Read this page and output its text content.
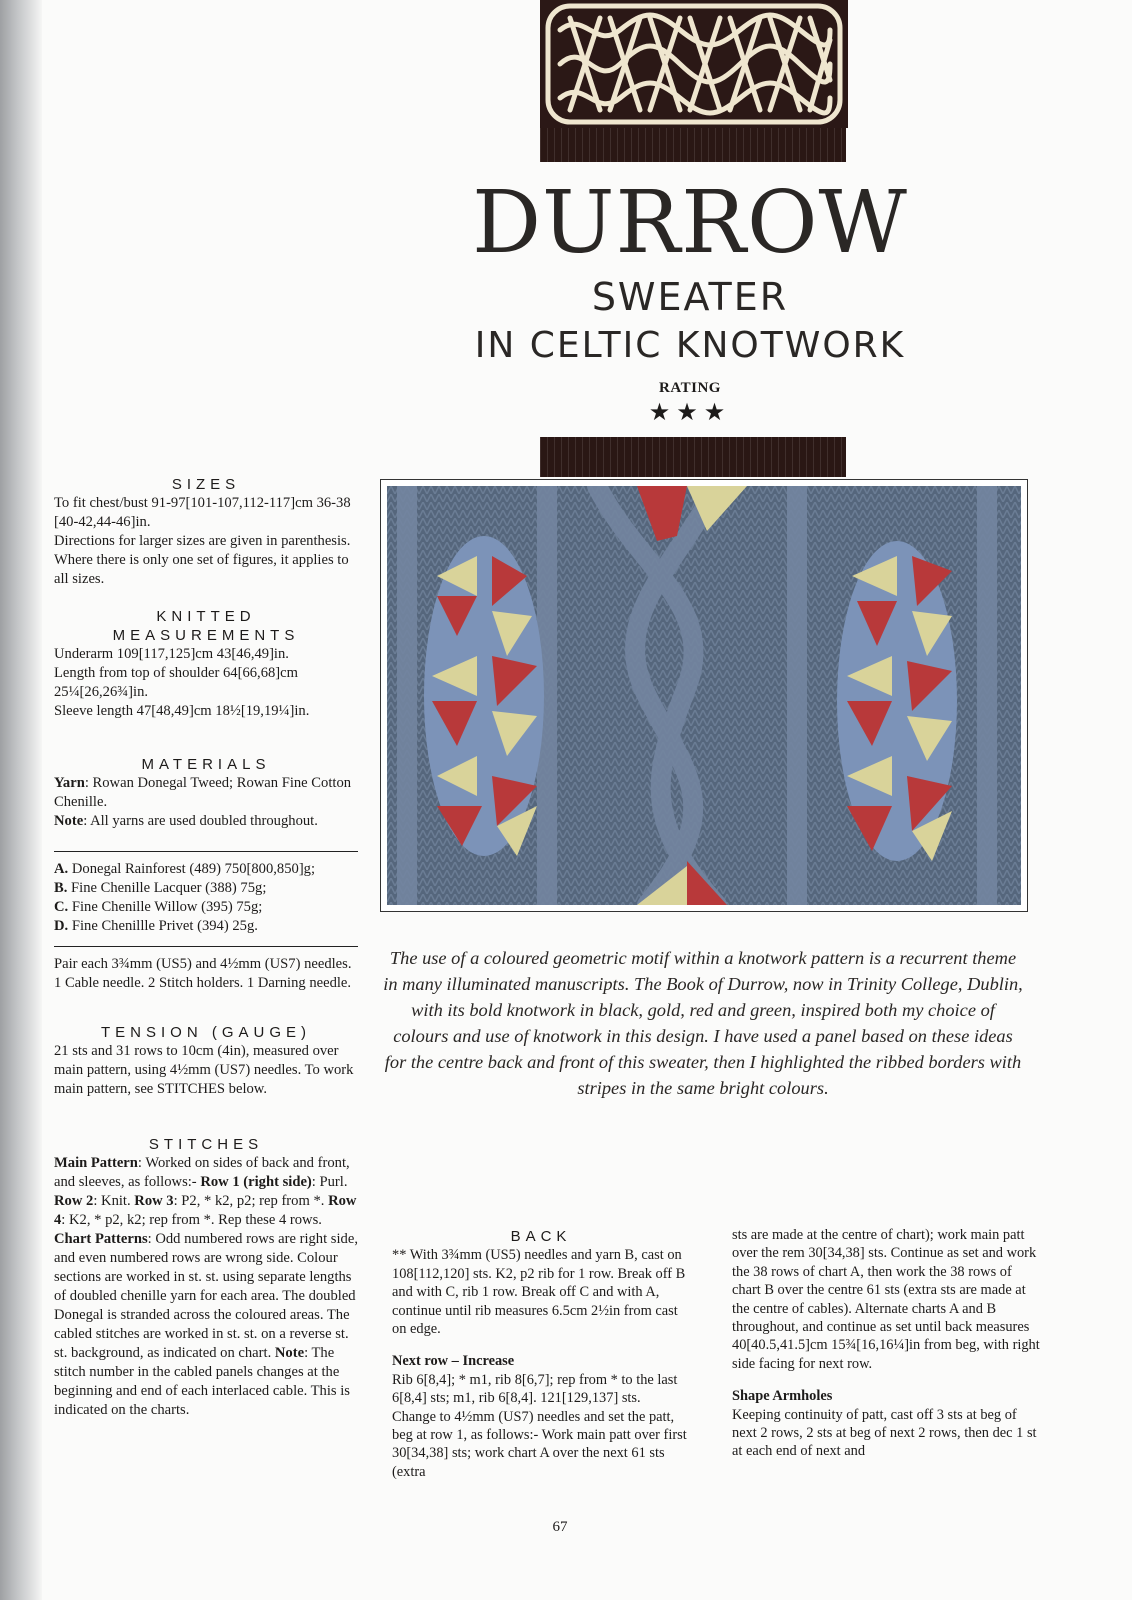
DURROW
SWEATER
IN CELTIC KNOTWORK
RATING
★★★

SIZES

To fit chest/bust 91-97[101-107,112-117]cm 36-38 [40-42,44-46]in.

Directions for larger sizes are given in parenthesis. Where there is only one set of figures, it applies to all sizes.

KNITTED

MEASUREMENTS

Underarm 109[117,125]cm 43[46,49]in.

Length from top of shoulder 64[66,68]cm 25¼[26,26¾]in.

Sleeve length 47[48,49]cm 18½[19,19¼]in.

MATERIALS

Yarn: Rowan Donegal Tweed; Rowan Fine Cotton Chenille.

Note: All yarns are used doubled throughout.

A. Donegal Rainforest (489) 750[800,850]g;

B. Fine Chenille Lacquer (388) 75g;

C. Fine Chenille Willow (395) 75g;

D. Fine Chenillle Privet (394) 25g.

Pair each 3¾mm (US5) and 4½mm (US7) needles. 1 Cable needle. 2 Stitch holders. 1 Darning needle.

TENSION (GAUGE)

21 sts and 31 rows to 10cm (4in), measured over main pattern, using 4½mm (US7) needles. To work main pattern, see STITCHES below.

STITCHES

Main Pattern: Worked on sides of back and front, and sleeves, as follows:- Row 1 (right side): Purl. Row 2: Knit. Row 3: P2, * k2, p2; rep from *. Row 4: K2, * p2, k2; rep from *. Rep these 4 rows. Chart Patterns: Odd numbered rows are right side, and even numbered rows are wrong side. Colour sections are worked in st. st. using separate lengths of doubled chenille yarn for each area. The doubled Donegal is stranded across the coloured areas. The cabled stitches are worked in st. st. on a reverse st. st. background, as indicated on chart. Note: The stitch number in the cabled panels changes at the beginning and end of each interlaced cable. This is indicated on the charts.

The use of a coloured geometric motif within a knotwork pattern is a recurrent theme in many illuminated manuscripts. The Book of Durrow, now in Trinity College, Dublin, with its bold knotwork in black, gold, red and green, inspired both my choice of colours and use of knotwork in this design. I have used a panel based on these ideas for the centre back and front of this sweater, then I highlighted the ribbed borders with stripes in the same bright colours.

BACK

** With 3¾mm (US5) needles and yarn B, cast on 108[112,120] sts. K2, p2 rib for 1 row. Break off B and with C, rib 1 row. Break off C and with A, continue until rib measures 6.5cm 2½in from cast on edge.

Next row – Increase

Rib 6[8,4]; * m1, rib 8[6,7]; rep from * to the last 6[8,4] sts; m1, rib 6[8,4]. 121[129,137] sts.

Change to 4½mm (US7) needles and set the patt, beg at row 1, as follows:- Work main patt over first 30[34,38] sts; work chart A over the next 61 sts (extra

sts are made at the centre of chart); work main patt over the rem 30[34,38] sts. Continue as set and work the 38 rows of chart A, then work the 38 rows of chart B over the centre 61 sts (extra sts are made at the centre of cables). Alternate charts A and B throughout, and continue as set until back measures 40[40.5,41.5]cm 15¾[16,16¼]in from beg, with right side facing for next row.

Shape Armholes

Keeping continuity of patt, cast off 3 sts at beg of next 2 rows, 2 sts at beg of next 2 rows, then dec 1 st at each end of next and

67
